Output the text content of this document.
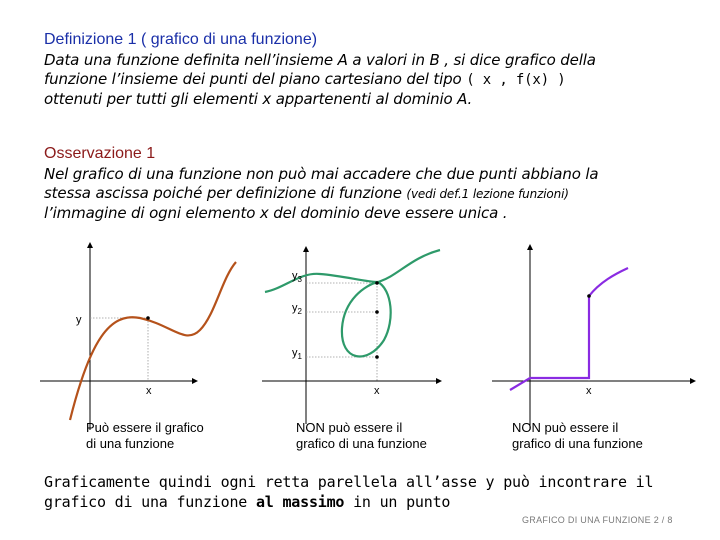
Definizione 1 ( grafico di una funzione)
Data una funzione definita nell’insieme A a valori in B , si dice grafico della
funzione l’insieme dei punti del piano cartesiano del tipo ( x , f(x) )
ottenuti per tutti gli elementi x appartenenti al dominio A.
Osservazione 1
Nel grafico di una funzione non può mai accadere che due punti abbiano la
stessa ascissa poiché per definizione di funzione (vedi def.1 lezione funzioni)
l’immagine di ogni elemento x del dominio deve essere unica .
y
x
Può essere il grafico
di una funzione
$y_3$
$y_2$
$y_1$
x
NON può essere il
grafico di una funzione
x
NON può essere il
grafico di una funzione
Graficamente quindi ogni retta parellela all’asse y può incontrare il
grafico di una funzione al massimo in un punto
GRAFICO DI UNA FUNZIONE 2 / 8
